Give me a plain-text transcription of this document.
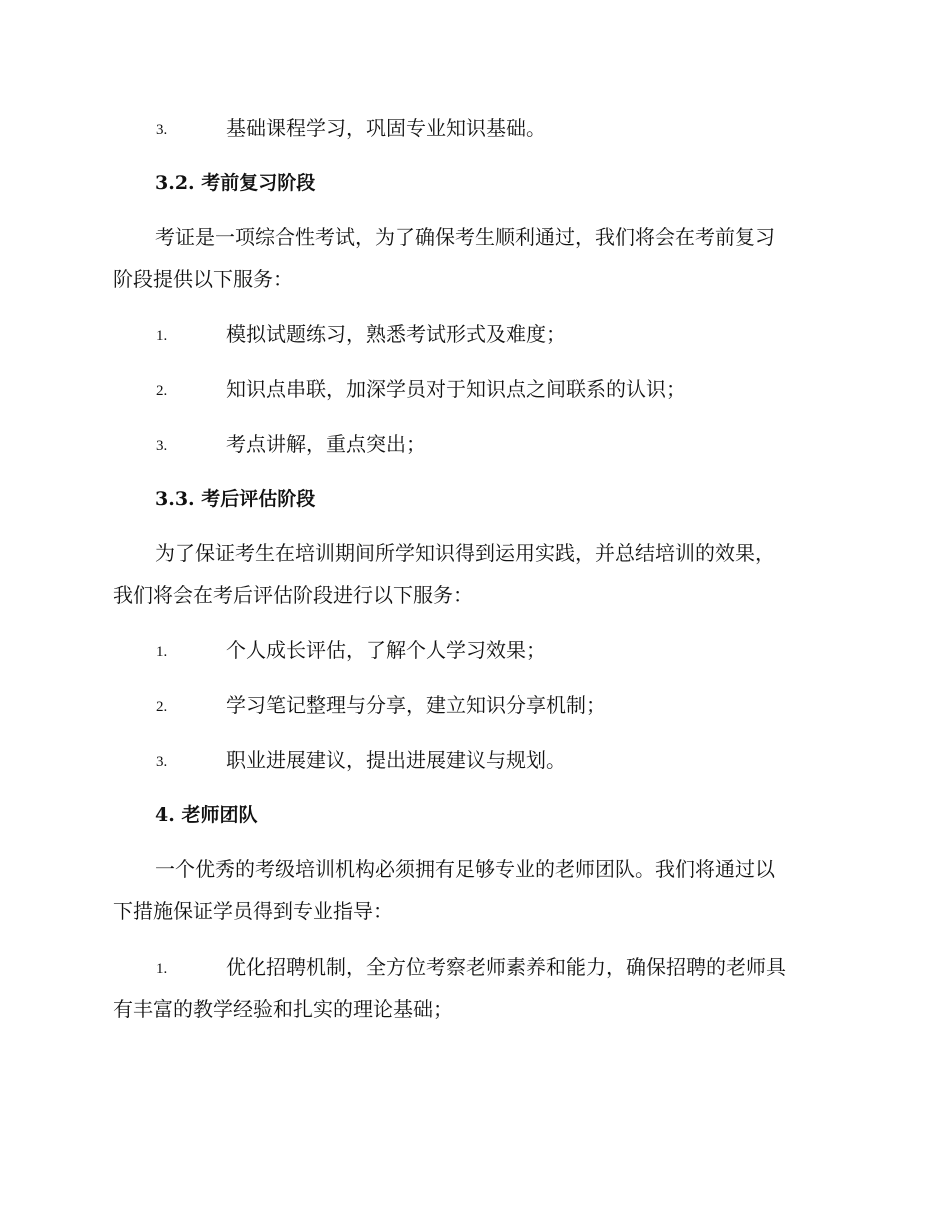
3.	基础课程学习，巩固专业知识基础。
3.2. 考前复习阶段
考证是一项综合性考试，为了确保考生顺利通过，我们将会在考前复习
阶段提供以下服务：
1.	模拟试题练习，熟悉考试形式及难度；
2.	知识点串联，加深学员对于知识点之间联系的认识；
3.	考点讲解，重点突出；
3.3. 考后评估阶段
为了保证考生在培训期间所学知识得到运用实践，并总结培训的效果，
我们将会在考后评估阶段进行以下服务：
1.	个人成长评估，了解个人学习效果；
2.	学习笔记整理与分享，建立知识分享机制；
3.	职业进展建议，提出进展建议与规划。
4. 老师团队
一个优秀的考级培训机构必须拥有足够专业的老师团队。我们将通过以
下措施保证学员得到专业指导：
1.	优化招聘机制，全方位考察老师素养和能力，确保招聘的老师具
有丰富的教学经验和扎实的理论基础；
